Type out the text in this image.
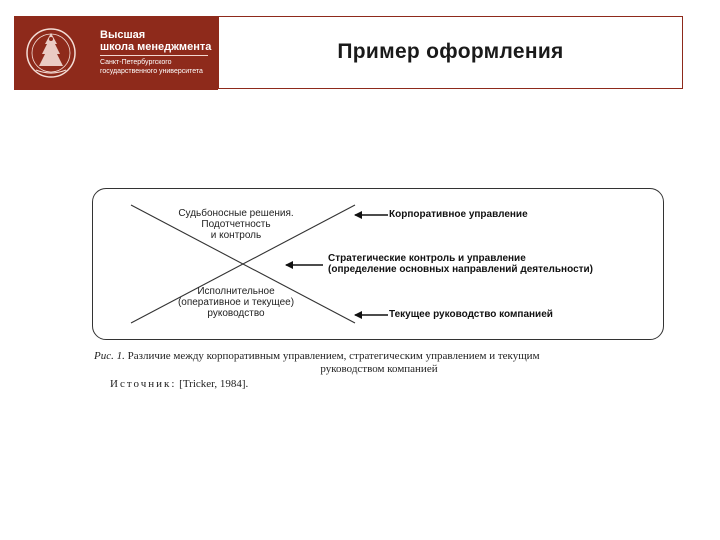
Высшая
школа менеджмента
Санкт-Петербургского
государственного университета
Пример оформления
Судьбоносные решения.
Подотчетность
и контроль
Исполнительное
(оперативное и текущее)
руководство
Корпоративное управление
Стратегические контроль и управление
(определение основных направлений деятельности)
Текущее руководство компанией
Рис. 1. Различие между корпоративным управлением, стратегическим управлением и текущим
руководством компанией
Источник: [Tricker, 1984].
